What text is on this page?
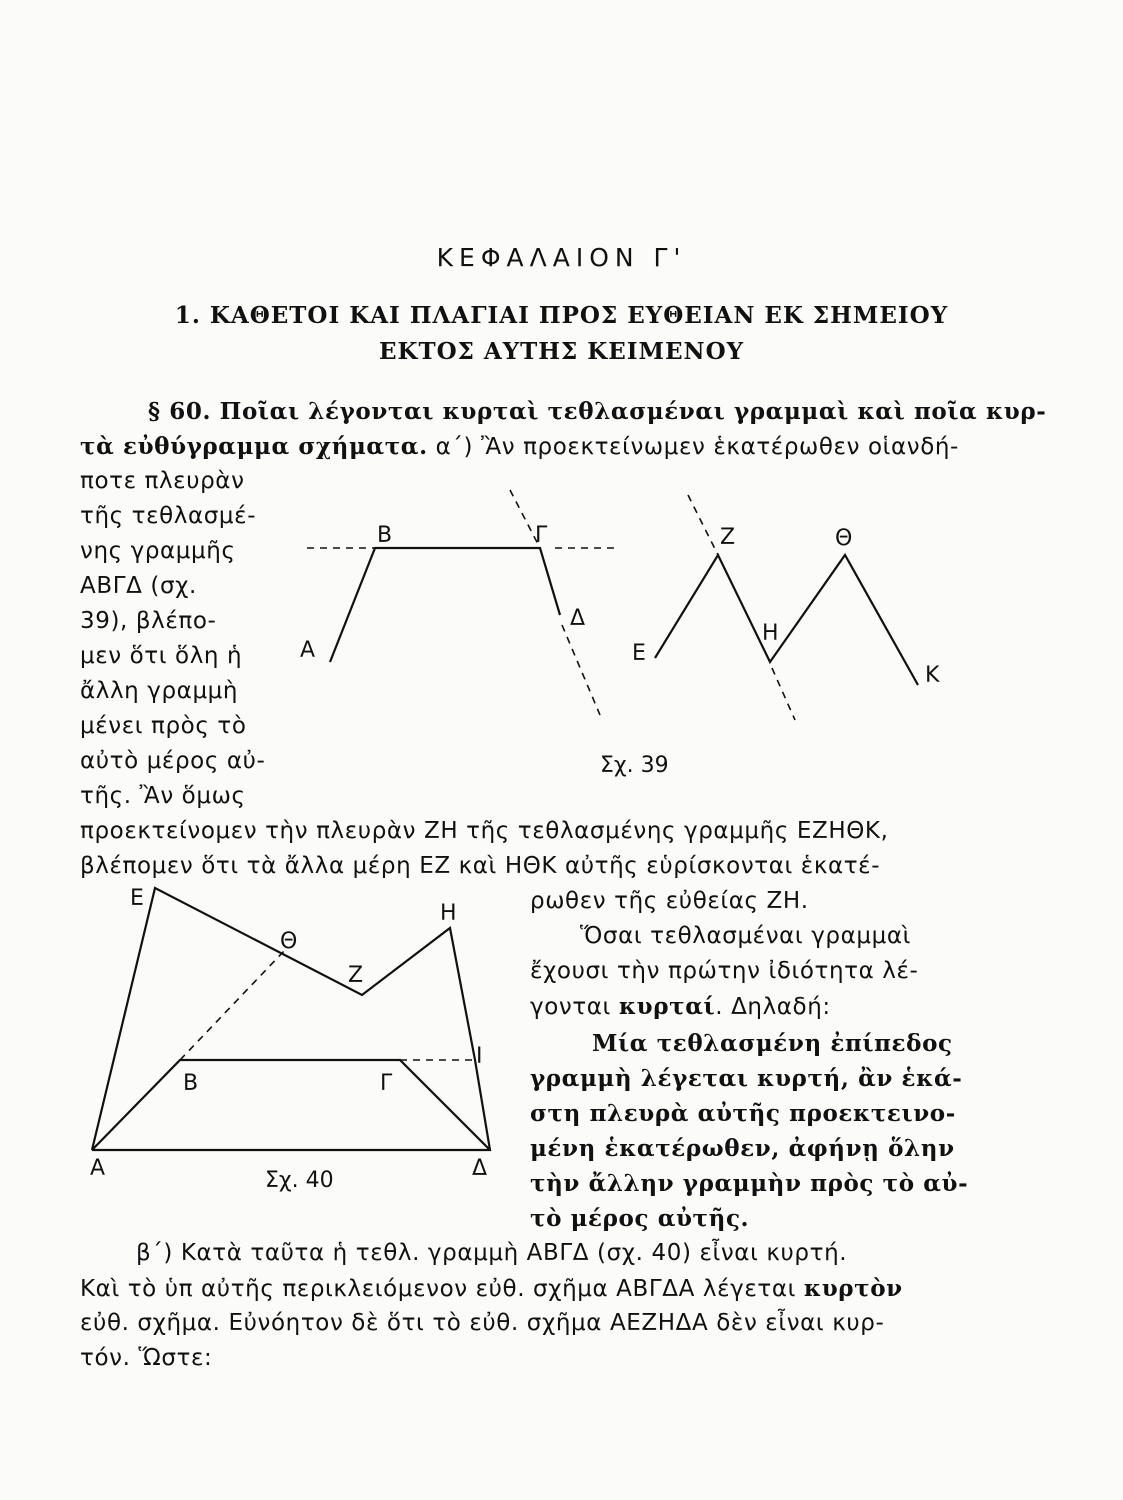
ΚΕΦΑΛΑΙΟΝ Γ'
1. ΚΑΘΕΤΟΙ ΚΑΙ ΠΛΑΓΙΑΙ ΠΡΟΣ ΕΥΘΕΙΑΝ ΕΚ ΣΗΜΕΙΟΥ
ΕΚΤΟΣ ΑΥΤΗΣ ΚΕΙΜΕΝΟΥ
§ 60. Ποῖαι λέγονται κυρταὶ τεθλασμέναι γραμμαὶ καὶ ποῖα κυρ-
τὰ εὐθύγραμμα σχήματα. α΄) Ἂν προεκτείνωμεν ἑκατέρωθεν οἱανδή-
ποτε πλευρὰν
τῆς τεθλασμέ-
νης γραμμῆς
ΑΒΓΔ (σχ.
39), βλέπο-
μεν ὅτι ὅλη ἡ
ἄλλη γραμμὴ
μένει πρὸς τὸ
αὐτὸ μέρος αὐ-
τῆς. Ἂν ὅμως
προεκτείνομεν τὴν πλευρὰν ΖΗ τῆς τεθλασμένης γραμμῆς ΕΖΗΘΚ,
βλέπομεν ὅτι τὰ ἄλλα μέρη ΕΖ καὶ ΗΘΚ αὐτῆς εὑρίσκονται ἑκατέ-
ρωθεν τῆς εὐθείας ΖΗ.
Ὅσαι τεθλασμέναι γραμμαὶ
ἔχουσι τὴν πρώτην ἰδιότητα λέ-
γονται κυρταί. Δηλαδή:
Μία τεθλασμένη ἐπίπεδος
γραμμὴ λέγεται κυρτή, ἂν ἑκά-
στη πλευρὰ αὐτῆς προεκτεινο-
μένη ἑκατέρωθεν, ἀφήνῃ ὅλην
τὴν ἄλλην γραμμὴν πρὸς τὸ αὐ-
τὸ μέρος αὐτῆς.
β΄) Κατὰ ταῦτα ἡ τεθλ. γραμμὴ ΑΒΓΔ (σχ. 40) εἶναι κυρτή.
Καὶ τὸ ὑπ αὐτῆς περικλειόμενον εὐθ. σχῆμα ΑΒΓΔΑ λέγεται κυρτὸν
εὐθ. σχῆμα. Εὐνόητον δὲ ὅτι τὸ εὐθ. σχῆμα ΑΕΖΗΔΑ δὲν εἶναι κυρ-
τόν. Ὥστε:
Α
Β	Γ
Δ
Ε
Ζ
Η
Θ
Κ
Σχ. 39
Ε
Θ
Ζ
Η
Ι
Β	Γ
Α	Δ
Σχ. 40
